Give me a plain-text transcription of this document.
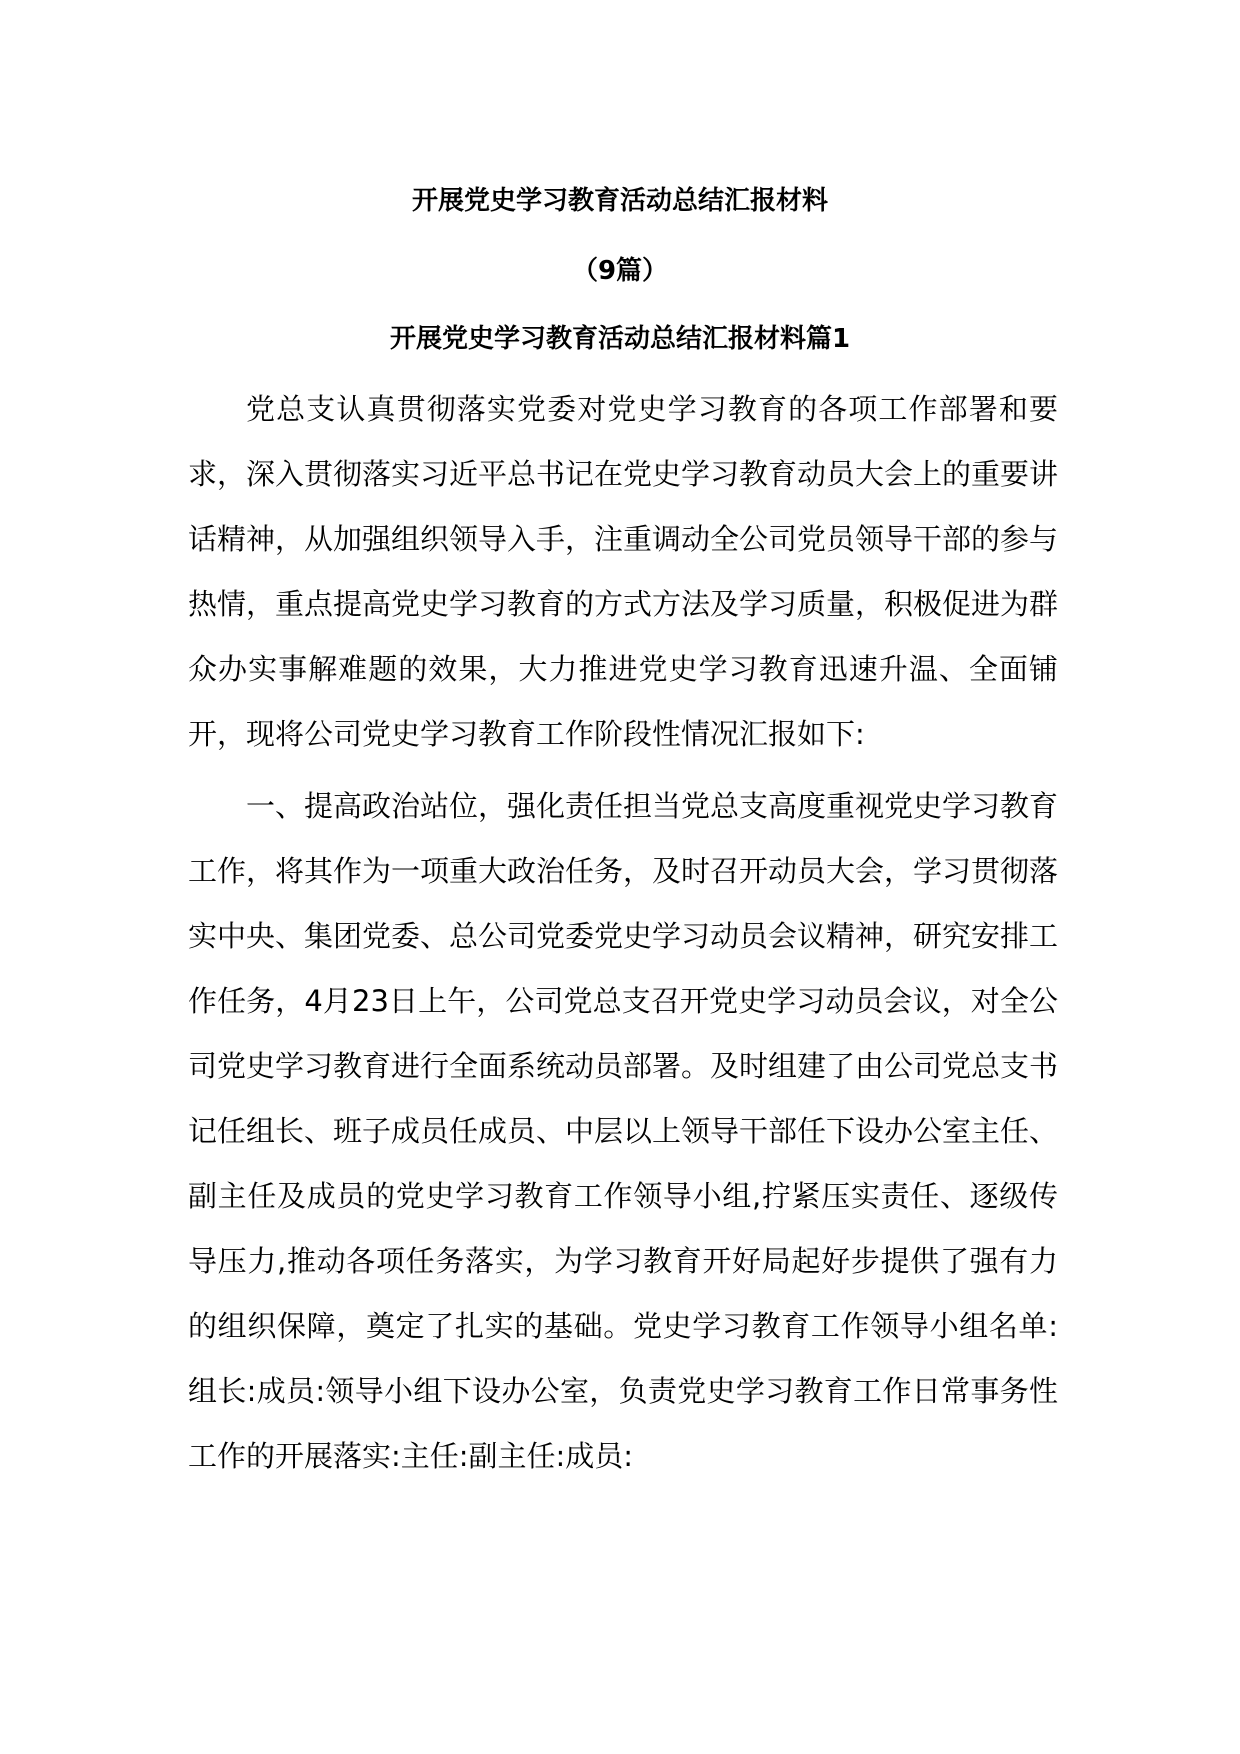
开展党史学习教育活动总结汇报材料
（9篇）
开展党史学习教育活动总结汇报材料篇1

党总支认真贯彻落实党委对党史学习教育的各项工作部署和要求，深入贯彻落实习近平总书记在党史学习教育动员大会上的重要讲话精神，从加强组织领导入手，注重调动全公司党员领导干部的参与热情，重点提高党史学习教育的方式方法及学习质量，积极促进为群众办实事解难题的效果，大力推进党史学习教育迅速升温、全面铺开，现将公司党史学习教育工作阶段性情况汇报如下:

一、提高政治站位，强化责任担当党总支高度重视党史学习教育工作，将其作为一项重大政治任务，及时召开动员大会，学习贯彻落实中央、集团党委、总公司党委党史学习动员会议精神，研究安排工作任务，4月23日上午，公司党总支召开党史学习动员会议，对全公司党史学习教育进行全面系统动员部署。及时组建了由公司党总支书记任组长、班子成员任成员、中层以上领导干部任下设办公室主任、副主任及成员的党史学习教育工作领导小组,拧紧压实责任、逐级传导压力,推动各项任务落实，为学习教育开好局起好步提供了强有力的组织保障，奠定了扎实的基础。党史学习教育工作领导小组名单:组长:成员:领导小组下设办公室，负责党史学习教育工作日常事务性工作的开展落实:主任:副主任:成员:
